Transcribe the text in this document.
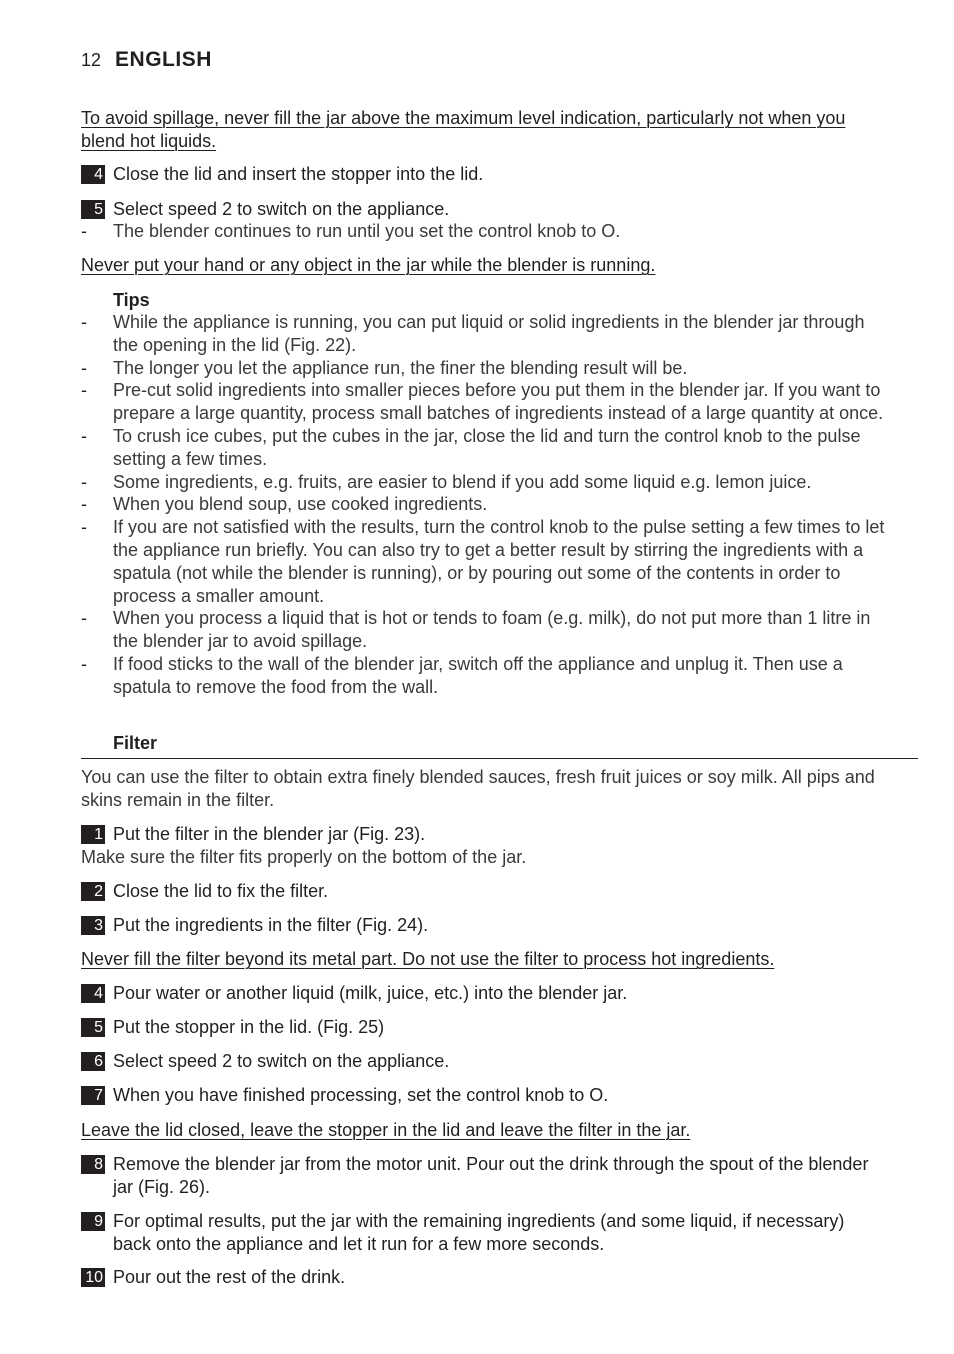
12 ENGLISH
To avoid spillage, never fill the jar above the maximum level indication, particularly not when you blend hot liquids.
4 Close the lid and insert the stopper into the lid.
5 Select speed 2 to switch on the appliance.
-	The blender continues to run until you set the control knob to O.
Never put your hand or any object in the jar while the blender is running.
Tips
-	While the appliance is running, you can put liquid or solid ingredients in the blender jar through the opening in the lid (Fig. 22).
-	The longer you let the appliance run, the finer the blending result will be.
-	Pre-cut solid ingredients into smaller pieces before you put them in the blender jar. If you want to prepare a large quantity, process small batches of ingredients instead of a large quantity at once.
-	To crush ice cubes, put the cubes in the jar, close the lid and turn the control knob to the pulse setting a few times.
-	Some ingredients, e.g. fruits, are easier to blend if you add some liquid e.g. lemon juice.
-	When you blend soup, use cooked ingredients.
-	If you are not satisfied with the results, turn the control knob to the pulse setting a few times to let the appliance run briefly. You can also try to get a better result by stirring the ingredients with a spatula (not while the blender is running), or by pouring out some of the contents in order to process a smaller amount.
-	When you process a liquid that is hot or tends to foam (e.g. milk), do not put more than 1 litre in the blender jar to avoid spillage.
-	If food sticks to the wall of the blender jar, switch off the appliance and unplug it. Then use a spatula to remove the food from the wall.
Filter
You can use the filter to obtain extra finely blended sauces, fresh fruit juices or soy milk. All pips and skins remain in the filter.
1 Put the filter in the blender jar (Fig. 23).
Make sure the filter fits properly on the bottom of the jar.
2 Close the lid to fix the filter.
3 Put the ingredients in the filter (Fig. 24).
Never fill the filter beyond its metal part. Do not use the filter to process hot ingredients.
4 Pour water or another liquid (milk, juice, etc.) into the blender jar.
5 Put the stopper in the lid. (Fig. 25)
6 Select speed 2 to switch on the appliance.
7 When you have finished processing, set the control knob to O.
Leave the lid closed, leave the stopper in the lid and leave the filter in the jar.
8 Remove the blender jar from the motor unit. Pour out the drink through the spout of the blender jar (Fig. 26).
9 For optimal results, put the jar with the remaining ingredients (and some liquid, if necessary) back onto the appliance and let it run for a few more seconds.
10 Pour out the rest of the drink.
